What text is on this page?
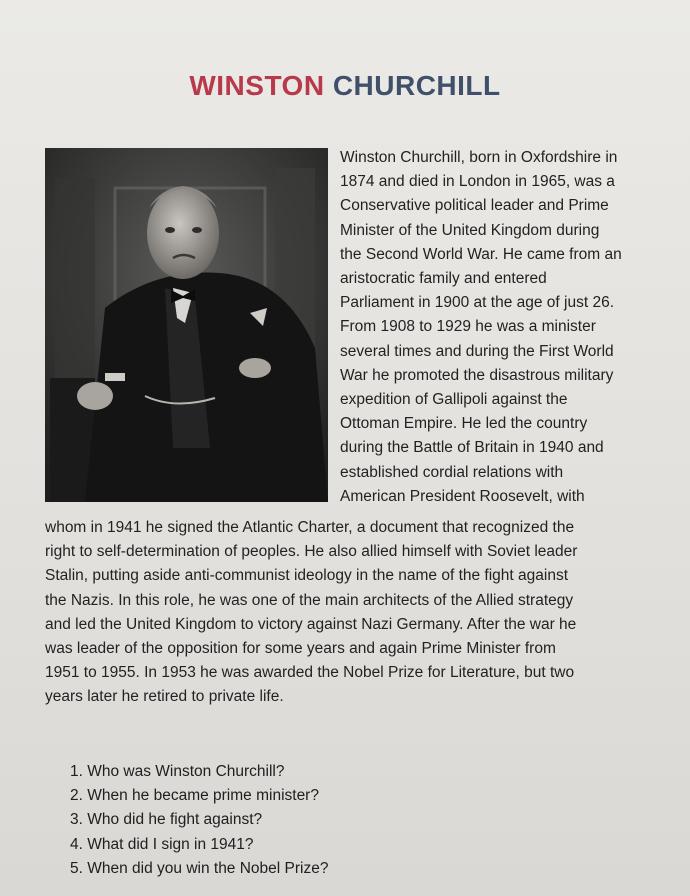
WINSTON CHURCHILL
Winston Churchill, born in Oxfordshire in
1874 and died in London in 1965, was a
Conservative political leader and Prime
Minister of the United Kingdom during
the Second World War. He came from an
aristocratic family and entered
Parliament in 1900 at the age of just 26.
From 1908 to 1929 he was a minister
several times and during the First World
War he promoted the disastrous military
expedition of Gallipoli against the
Ottoman Empire. He led the country
during the Battle of Britain in 1940 and
established cordial relations with
American President Roosevelt, with
whom in 1941 he signed the Atlantic Charter, a document that recognized the
right to self-determination of peoples. He also allied himself with Soviet leader
Stalin, putting aside anti-communist ideology in the name of the fight against
the Nazis. In this role, he was one of the main architects of the Allied strategy
and led the United Kingdom to victory against Nazi Germany. After the war he
was leader of the opposition for some years and again Prime Minister from
1951 to 1955. In 1953 he was awarded the Nobel Prize for Literature, but two
years later he retired to private life.
1. Who was Winston Churchill?
2. When he became prime minister?
3. Who did he fight against?
4. What did I sign in 1941?
5. When did you win the Nobel Prize?
